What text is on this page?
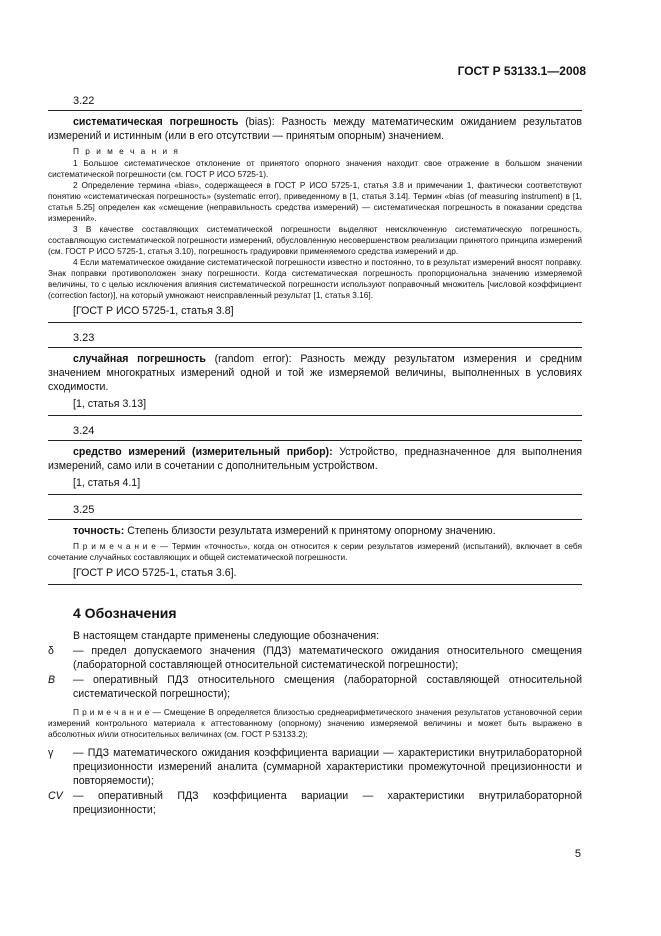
ГОСТ Р 53133.1—2008
3.22

систематическая погрешность (bias): Разность между математическим ожиданием результатов измерений и истинным (или в его отсутствии — принятым опорным) значением.

П р и м е ч а н и я

1 Большое систематическое отклонение от принятого опорного значения находит свое отражение в большом значении систематической погрешности (см. ГОСТ Р ИСО 5725-1).

2 Определение термина «bias», содержащееся в ГОСТ Р ИСО 5725-1, статья 3.8 и примечании 1, фактически соответствуют понятию «систематическая погрешность» (systematic error), приведенному в [1, статья 3.14]. Термин «bias (of measuring instrument) в [1, статья 5.25] определен как «смещение (неправильность средства измерений) — систематическая погрешность в показании средства измерений».

3 В качестве составляющих систематической погрешности выделяют неисключенную систематическую погрешность, составляющую систематической погрешности измерений, обусловленную несовершенством реализации принятого принципа измерений (см. ГОСТ Р ИСО 5725-1, статья 3.10), погрешность градуировки применяемого средства измерений и др.

4 Если математическое ожидание систематической погрешности известно и постоянно, то в результат измерений вносят поправку. Знак поправки противоположен знаку погрешности. Когда систематическая погрешность пропорциональна значению измеряемой величины, то с целью исключения влияния систематической погрешности используют поправочный множитель [числовой коэффициент (correction factor)], на который умножают неисправленный результат [1, статья 3.16].

[ГОСТ Р ИСО 5725-1, статья 3.8]
3.23

случайная погрешность (random error): Разность между результатом измерения и средним значением многократных измерений одной и той же измеряемой величины, выполненных в условиях сходимости.

[1, статья 3.13]
3.24

средство измерений (измерительный прибор): Устройство, предназначенное для выполнения измерений, само или в сочетании с дополнительным устройством.

[1, статья 4.1]
3.25

точность: Степень близости результата измерений к принятому опорному значению.

П р и м е ч а н и е — Термин «точность», когда он относится к серии результатов измерений (испытаний), включает в себя сочетание случайных составляющих и общей систематической погрешности.

[ГОСТ Р ИСО 5725-1, статья 3.6].
4 Обозначения
В настоящем стандарте применены следующие обозначения:
δ	— предел допускаемого значения (ПДЗ) математического ожидания относительного смещения (лабораторной составляющей относительной систематической погрешности);
B	— оперативный ПДЗ относительного смещения (лабораторной составляющей относительной систематической погрешности);

П р и м е ч а н и е — Смещение B определяется близостью среднеарифметического значения результатов установочной серии измерений контрольного материала к аттестованному (опорному) значению измеряемой величины и может быть выражено в абсолютных и/или относительных величинах (см. ГОСТ Р 53133.2);

γ	— ПДЗ математического ожидания коэффициента вариации — характеристики внутрилабораторной прецизионности измерений аналита (суммарной характеристики промежуточной прецизионности и повторяемости);
CV — оперативный ПДЗ коэффициента вариации — характеристики внутрилабораторной прецизионности;
5
